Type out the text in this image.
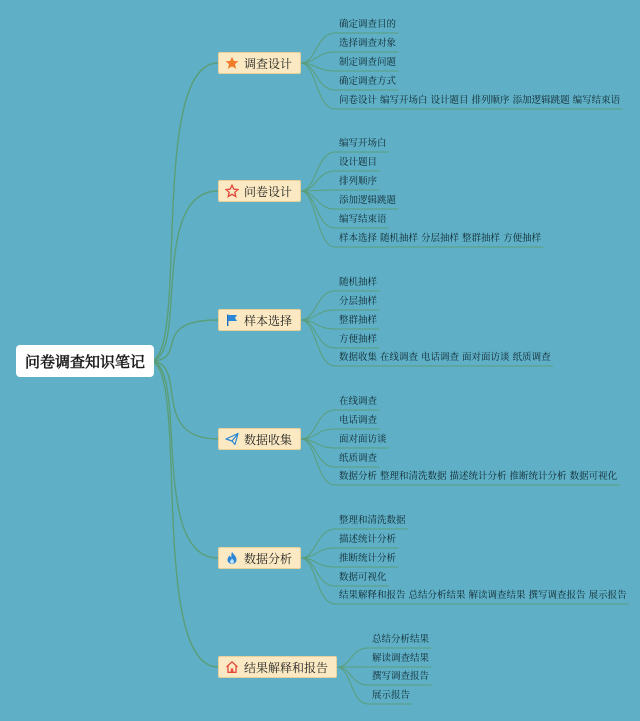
问卷调查知识笔记
调查设计
问卷设计
样本选择
数据收集
数据分析
结果解释和报告
确定调查目的
选择调查对象
制定调查问题
确定调查方式
问卷设计 编写开场白 设计题目 排列顺序 添加逻辑跳题 编写结束语
编写开场白
设计题目
排列顺序
添加逻辑跳题
编写结束语
样本选择 随机抽样 分层抽样 整群抽样 方便抽样
随机抽样
分层抽样
整群抽样
方便抽样
数据收集 在线调查 电话调查 面对面访谈 纸质调查
在线调查
电话调查
面对面访谈
纸质调查
数据分析 整理和清洗数据 描述统计分析 推断统计分析 数据可视化
整理和清洗数据
描述统计分析
推断统计分析
数据可视化
结果解释和报告 总结分析结果 解读调查结果 撰写调查报告 展示报告
总结分析结果
解读调查结果
撰写调查报告
展示报告
